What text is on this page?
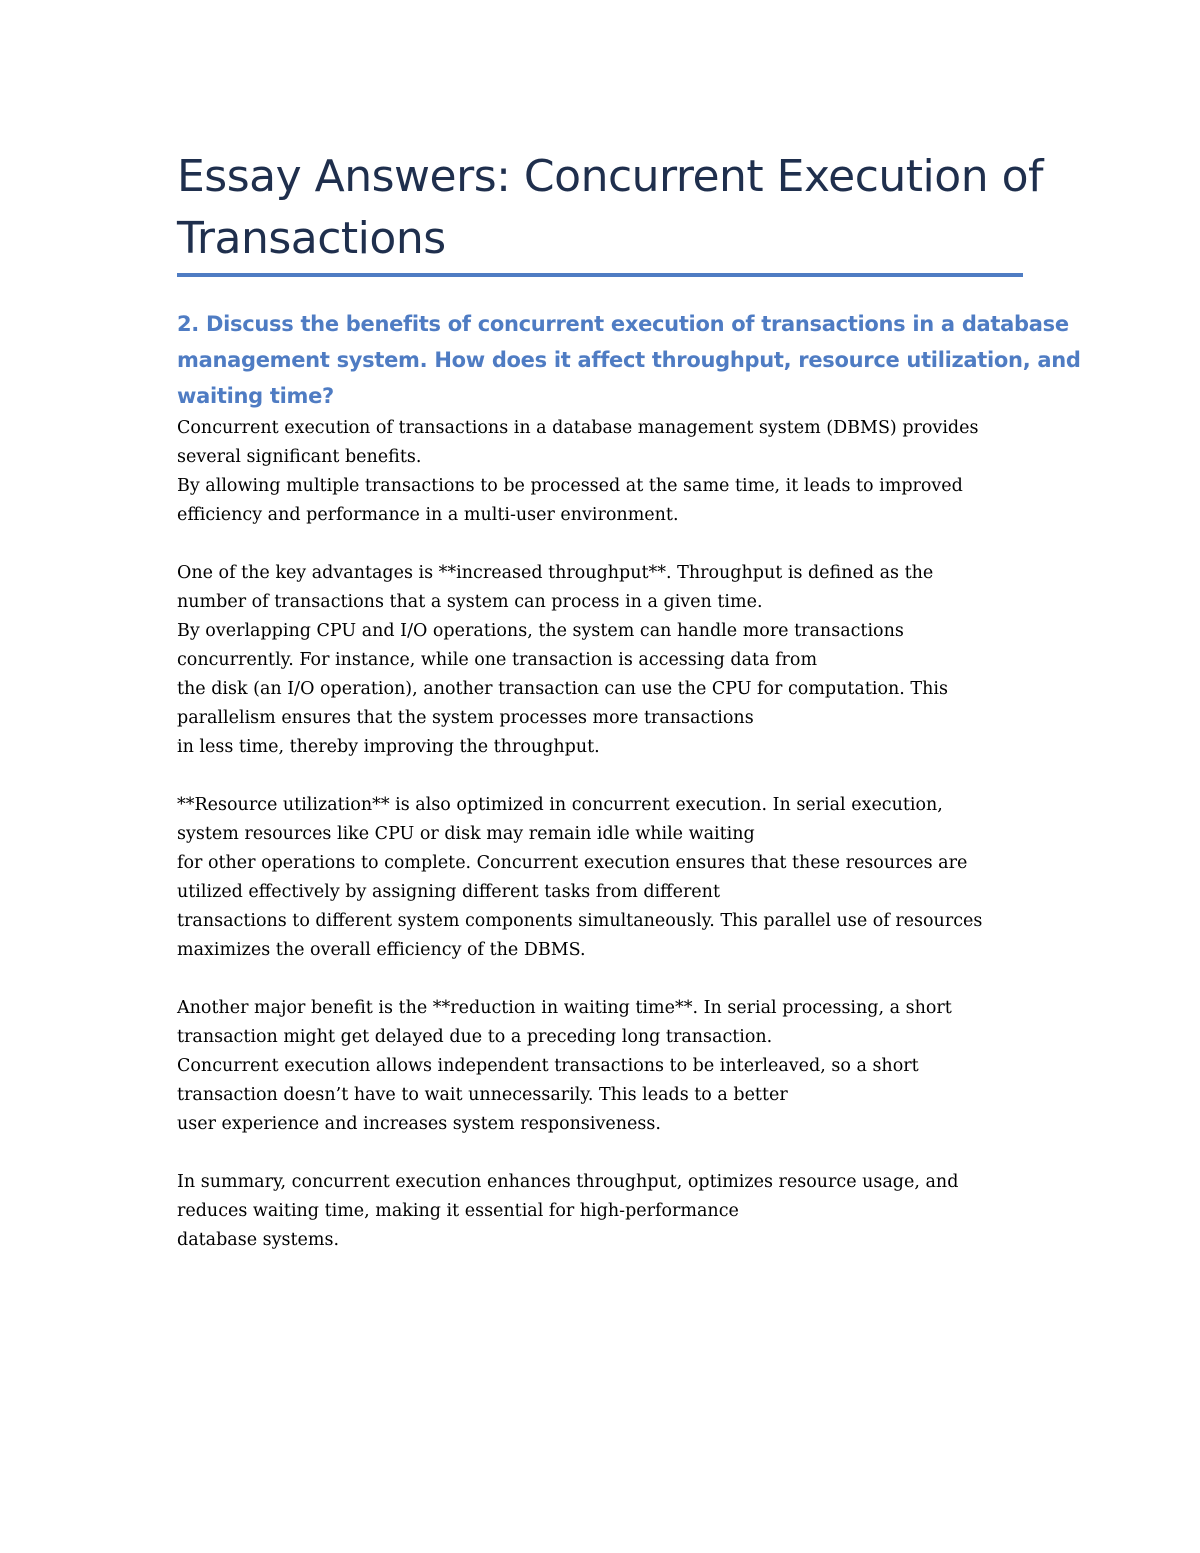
Essay Answers: Concurrent Execution of
Transactions
2. Discuss the benefits of concurrent execution of transactions in a database
management system. How does it affect throughput, resource utilization, and
waiting time?

Concurrent execution of transactions in a database management system (DBMS) provides
several significant benefits.
By allowing multiple transactions to be processed at the same time, it leads to improved
efficiency and performance in a multi-user environment.

One of the key advantages is **increased throughput**. Throughput is defined as the
number of transactions that a system can process in a given time.
By overlapping CPU and I/O operations, the system can handle more transactions
concurrently. For instance, while one transaction is accessing data from
the disk (an I/O operation), another transaction can use the CPU for computation. This
parallelism ensures that the system processes more transactions
in less time, thereby improving the throughput.

**Resource utilization** is also optimized in concurrent execution. In serial execution,
system resources like CPU or disk may remain idle while waiting
for other operations to complete. Concurrent execution ensures that these resources are
utilized effectively by assigning different tasks from different
transactions to different system components simultaneously. This parallel use of resources
maximizes the overall efficiency of the DBMS.

Another major benefit is the **reduction in waiting time**. In serial processing, a short
transaction might get delayed due to a preceding long transaction.
Concurrent execution allows independent transactions to be interleaved, so a short
transaction doesn’t have to wait unnecessarily. This leads to a better
user experience and increases system responsiveness.

In summary, concurrent execution enhances throughput, optimizes resource usage, and
reduces waiting time, making it essential for high-performance
database systems.
